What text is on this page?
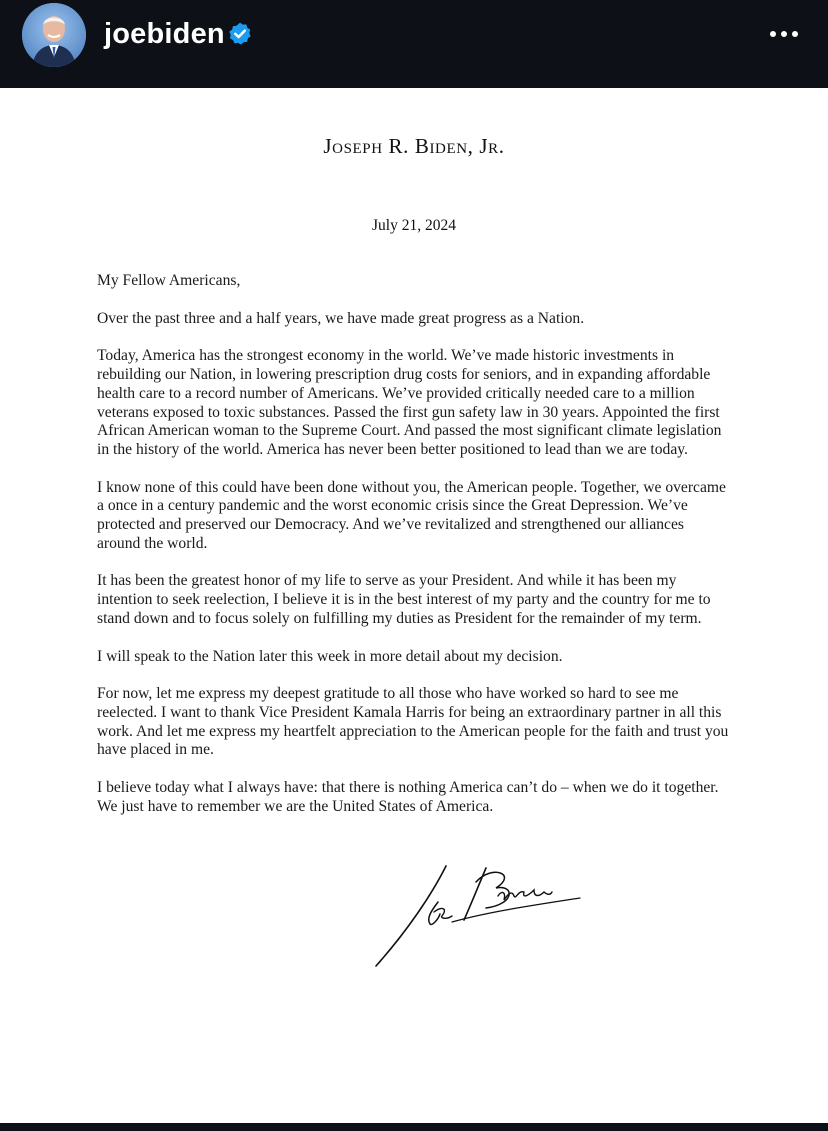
joebiden
Joseph R. Biden, Jr.
July 21, 2024

My Fellow Americans,

Over the past three and a half years, we have made great progress as a Nation.

Today, America has the strongest economy in the world. We’ve made historic investments in rebuilding our Nation, in lowering prescription drug costs for seniors, and in expanding affordable health care to a record number of Americans. We’ve provided critically needed care to a million veterans exposed to toxic substances. Passed the first gun safety law in 30 years. Appointed the first African American woman to the Supreme Court. And passed the most significant climate legislation in the history of the world. America has never been better positioned to lead than we are today.

I know none of this could have been done without you, the American people. Together, we overcame a once in a century pandemic and the worst economic crisis since the Great Depression. We’ve protected and preserved our Democracy. And we’ve revitalized and strengthened our alliances around the world.

It has been the greatest honor of my life to serve as your President. And while it has been my intention to seek reelection, I believe it is in the best interest of my party and the country for me to stand down and to focus solely on fulfilling my duties as President for the remainder of my term.

I will speak to the Nation later this week in more detail about my decision.

For now, let me express my deepest gratitude to all those who have worked so hard to see me reelected. I want to thank Vice President Kamala Harris for being an extraordinary partner in all this work. And let me express my heartfelt appreciation to the American people for the faith and trust you have placed in me.

I believe today what I always have: that there is nothing America can’t do – when we do it together. We just have to remember we are the United States of America.
